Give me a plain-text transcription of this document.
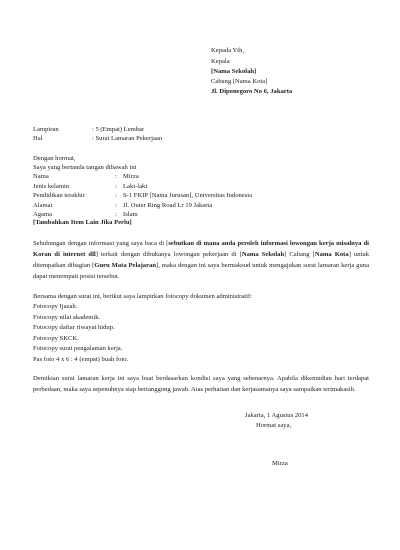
Kepada Yth,
Kepala
[Nama Sekolah]
Cabang [Nama Kota]
Jl. Diponegoro No 6, Jakarta
Lampiran	: 5 (Empat) Lembar
Hal	: Surat Lamaran Pekerjaan
Dengan hormat,
Saya yang bertanda tangan dibawah ini
Nama	: Mirza
Jenis kelamin	: Laki-laki
Pendidikan terakhir	: S-1 FKIP [Nama Jurusan], Universitas Indonesia
Alamat	: Jl. Outer Ring Road Lr 19 Jakarta
Agama	: Islam
[Tambahkan Item Lain Jika Perlu]
Sehubungan dengan informasi yang saya baca di [sebutkan di mana anda peroleh informasi lowongan kerja misalnya di Koran di internet dll] terkait dengan dibukanya lowongan pekerjaan di [Nama Sekolah] Cabang [Nama Kota] untuk ditempatkan dibagian [Guru Mata Pelajaran], maka dengan ini saya bermaksud untuk mengajukan surat lamaran kerja guna dapat menempati posisi tersebut.
Bersama dengan surat ini, berikut saya lampirkan fotocopy dokumen administratif:
Fotocopy Ijazah.
Fotocopy nilai akademik.
Fotocopy daftar riwayat hidup.
Fotocopy SKCK.
Fotocopy surat pengalaman kerja.
Pas foto 4 x 6 : 4 (empat) buah foto.
Demikian surat lamaran kerja ini saya buat berdasarkan kondisi saya yang sebenarnya. Apabila dikemudian hari terdapat perbedaan, maka saya sepenuhnya siap bertanggung jawab. Atas perhatian dan kerjasamanya saya sampaikan terimakasih.
Jakarta, 1 Agustus 2014
Hormat saya,
Mirza
